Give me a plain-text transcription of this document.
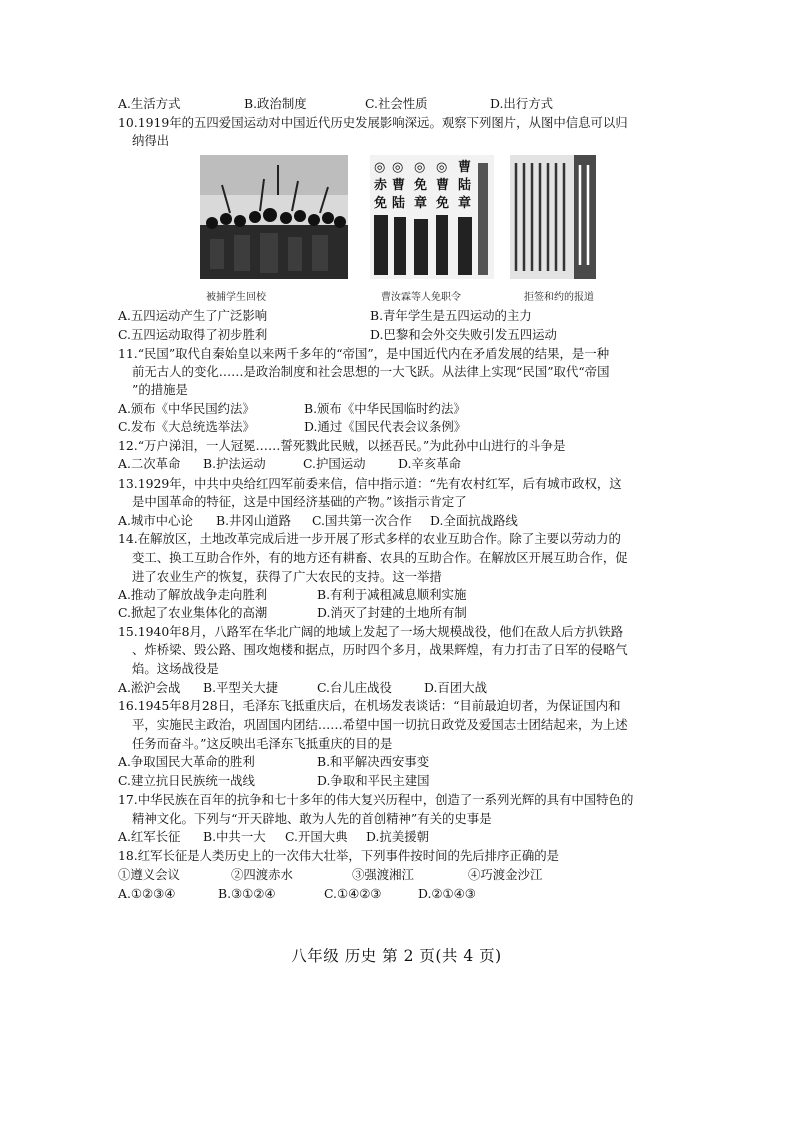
A.生活方式	B.政治制度	C.社会性质	D.出行方式
10.1919年的五四爱国运动对中国近代历史发展影响深远。观察下列图片，从图中信息可以归
纳得出
◎
赤
免
◎
曹
陆
◎
免
章
◎
曹
免
曹
陆
章
被捕学生回校	曹汝霖等人免职令	拒签和约的报道
A.五四运动产生了广泛影响	B.青年学生是五四运动的主力
C.五四运动取得了初步胜利	D.巴黎和会外交失败引发五四运动
11.“民国”取代自秦始皇以来两千多年的“帝国”，是中国近代内在矛盾发展的结果，是一种
前无古人的变化……是政治制度和社会思想的一大飞跃。从法律上实现“民国”取代“帝国
”的措施是
A.颁布《中华民国约法》	B.颁布《中华民国临时约法》
C.发布《大总统选举法》	D.通过《国民代表会议条例》
12.“万户涕泪，一人冠冕……誓死戮此民贼，以拯吾民。”为此孙中山进行的斗争是
A.二次革命 B.护法运动	C.护国运动	D.辛亥革命
13.1929年，中共中央给红四军前委来信，信中指示道：“先有农村红军，后有城市政权，这
是中国革命的特征，这是中国经济基础的产物。”该指示肯定了
A.城市中心论 B.井冈山道路 C.国共第一次合作 D.全面抗战路线
14.在解放区，土地改革完成后进一步开展了形式多样的农业互助合作。除了主要以劳动力的
变工、换工互助合作外，有的地方还有耕畜、农具的互助合作。在解放区开展互助合作，促
进了农业生产的恢复，获得了广大农民的支持。这一举措
A.推动了解放战争走向胜利	B.有利于减租减息顺利实施
C.掀起了农业集体化的高潮	D.消灭了封建的土地所有制
15.1940年8月，八路军在华北广阔的地域上发起了一场大规模战役，他们在敌人后方扒铁路
、炸桥梁、毁公路、围攻炮楼和据点，历时四个多月，战果辉煌，有力打击了日军的侵略气
焰。这场战役是
A.淞沪会战 B.平型关大捷	C.台儿庄战役	D.百团大战
16.1945年8月28日，毛泽东飞抵重庆后，在机场发表谈话：“目前最迫切者，为保证国内和
平，实施民主政治，巩固国内团结……希望中国一切抗日政党及爱国志士团结起来，为上述
任务而奋斗。”这反映出毛泽东飞抵重庆的目的是
A.争取国民大革命的胜利	B.和平解决西安事变
C.建立抗日民族统一战线	D.争取和平民主建国
17.中华民族在百年的抗争和七十多年的伟大复兴历程中，创造了一系列光辉的具有中国特色的
精神文化。下列与“开天辟地、敢为人先的首创精神”有关的史事是
A.红军长征 B.中共一大 C.开国大典 D.抗美援朝
18.红军长征是人类历史上的一次伟大壮举，下列事件按时间的先后排序正确的是
①遵义会议	②四渡赤水	③强渡湘江	④巧渡金沙江
A.①②③④	B.③①②④	C.①④②③	D.②①④③
八年级 历史 第 2 页(共 4 页)
